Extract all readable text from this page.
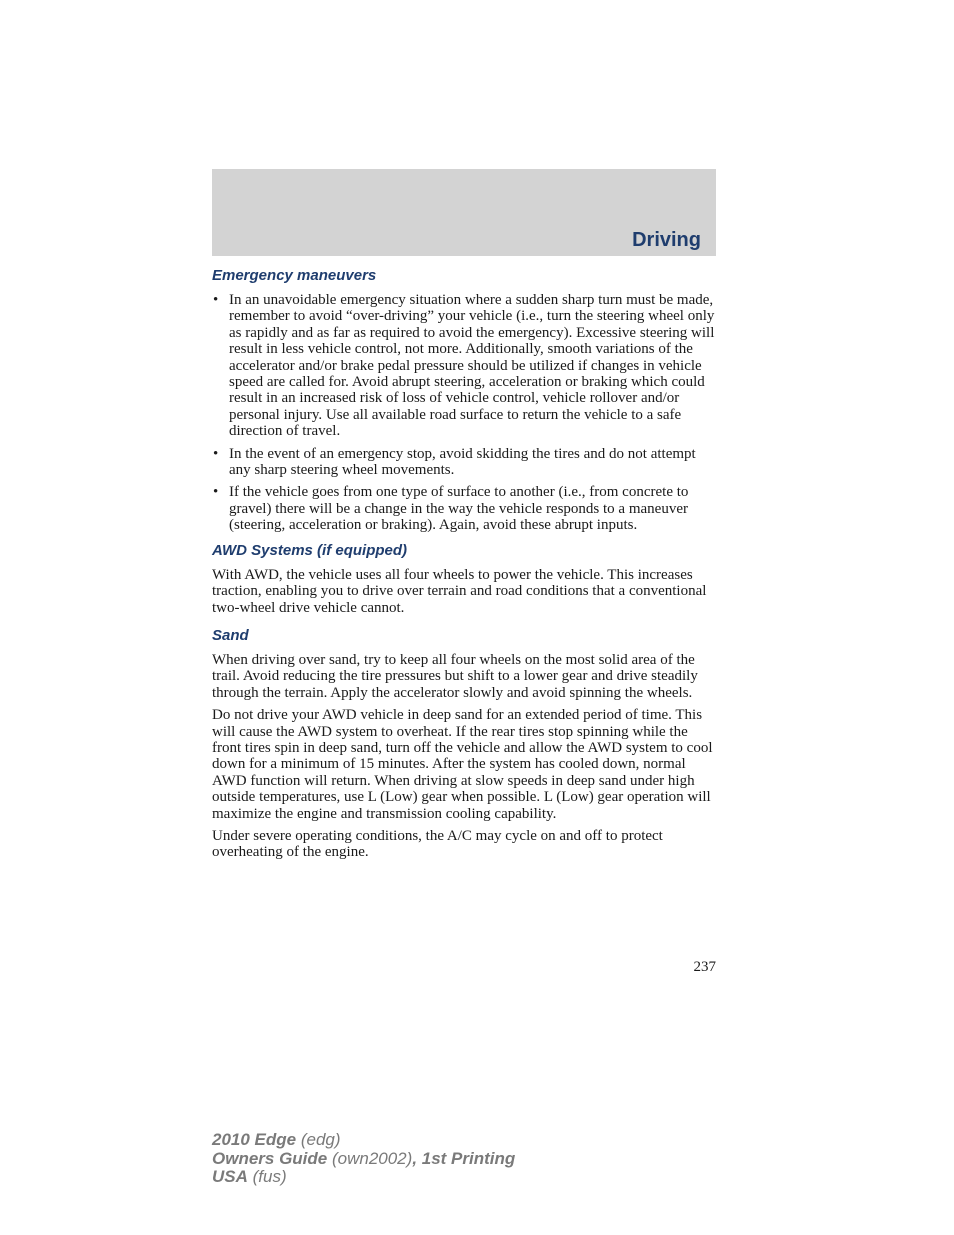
Driving
Emergency maneuvers
• In an unavoidable emergency situation where a sudden sharp turn must be made, remember to avoid “over-driving” your vehicle (i.e., turn the steering wheel only as rapidly and as far as required to avoid the emergency). Excessive steering will result in less vehicle control, not more. Additionally, smooth variations of the accelerator and/or brake pedal pressure should be utilized if changes in vehicle speed are called for. Avoid abrupt steering, acceleration or braking which could result in an increased risk of loss of vehicle control, vehicle rollover and/or personal injury. Use all available road surface to return the vehicle to a safe direction of travel.
• In the event of an emergency stop, avoid skidding the tires and do not attempt any sharp steering wheel movements.
• If the vehicle goes from one type of surface to another (i.e., from concrete to gravel) there will be a change in the way the vehicle responds to a maneuver (steering, acceleration or braking). Again, avoid these abrupt inputs.
AWD Systems (if equipped)

With AWD, the vehicle uses all four wheels to power the vehicle. This increases traction, enabling you to drive over terrain and road conditions that a conventional two-wheel drive vehicle cannot.

Sand

When driving over sand, try to keep all four wheels on the most solid area of the trail. Avoid reducing the tire pressures but shift to a lower gear and drive steadily through the terrain. Apply the accelerator slowly and avoid spinning the wheels.

Do not drive your AWD vehicle in deep sand for an extended period of time. This will cause the AWD system to overheat. If the rear tires stop spinning while the front tires spin in deep sand, turn off the vehicle and allow the AWD system to cool down for a minimum of 15 minutes. After the system has cooled down, normal AWD function will return. When driving at slow speeds in deep sand under high outside temperatures, use L (Low) gear when possible. L (Low) gear operation will maximize the engine and transmission cooling capability.

Under severe operating conditions, the A/C may cycle on and off to protect overheating of the engine.

237
2010 Edge (edg)
Owners Guide (own2002), 1st Printing
USA (fus)
